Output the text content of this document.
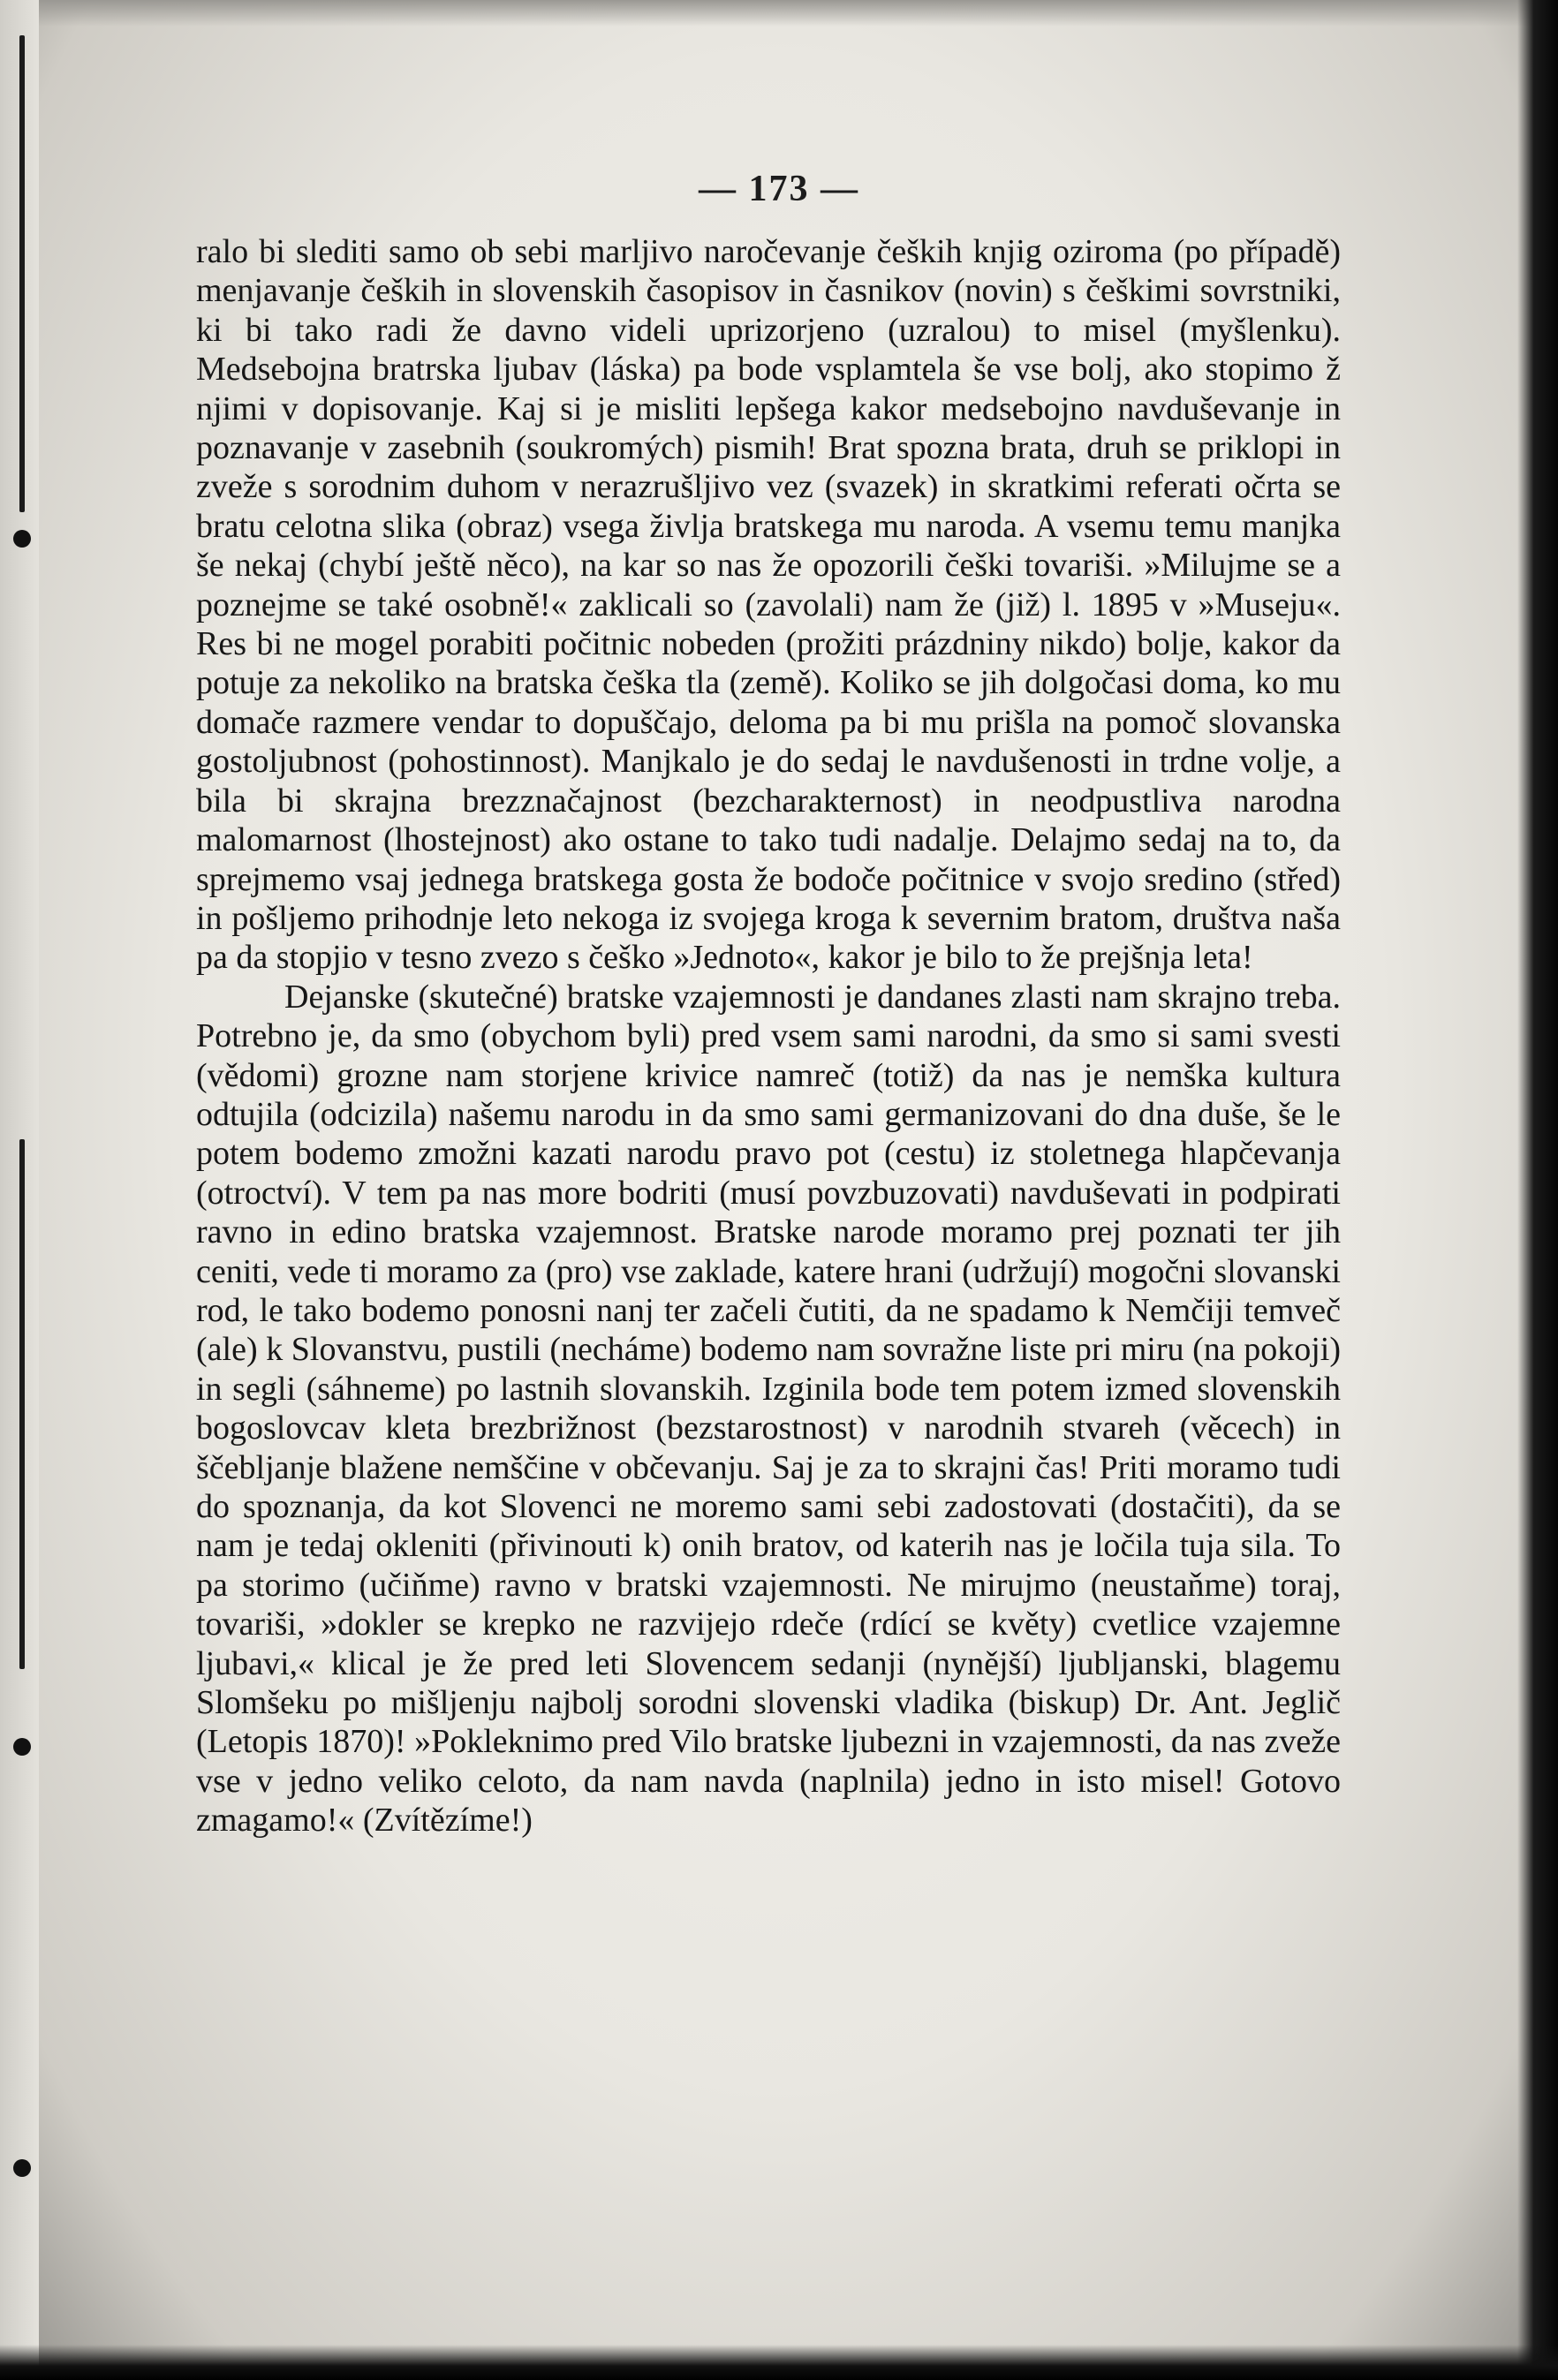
— 173 —

ralo bi slediti samo ob sebi marljivo naročevanje čeških knjig oziroma (po případě) menjavanje čeških in slovenskih časopisov in časnikov (novin) s češkimi sovrstniki, ki bi tako radi že davno videli uprizorjeno (uzralou) to misel (myšlenku). Medsebojna bratrska ljubav (láska) pa bode vsplamtela še vse bolj, ako stopimo ž njimi v dopisovanje. Kaj si je misliti lepšega kakor medsebojno navduševanje in poznavanje v zasebnih (soukromých) pismih! Brat spozna brata, druh se priklopi in zveže s sorodnim duhom v nerazrušljivo vez (svazek) in skratkimi referati očrta se bratu celotna slika (obraz) vsega življa bratskega mu naroda. A vsemu temu manjka še nekaj (chybí ještě něco), na kar so nas že opozorili češki tovariši. »Milujme se a poznejme se také osobně!« zaklicali so (zavolali) nam že (již) l. 1895 v »Museju«. Res bi ne mogel porabiti počitnic nobeden (prožiti prázdniny nikdo) bolje, kakor da potuje za nekoliko na bratska češka tla (země). Koliko se jih dolgočasi doma, ko mu domače razmere vendar to dopuščajo, deloma pa bi mu prišla na pomoč slovanska gostoljubnost (pohostinnost). Manjkalo je do sedaj le navdušenosti in trdne volje, a bila bi skrajna brezznačajnost (bezcharakternost) in neodpustliva narodna malomarnost (lhostejnost) ako ostane to tako tudi nadalje. Delajmo sedaj na to, da sprejmemo vsaj jednega bratskega gosta že bodoče počitnice v svojo sredino (střed) in pošljemo prihodnje leto nekoga iz svojega kroga k severnim bratom, društva naša pa da stopjio v tesno zvezo s češko »Jednoto«, kakor je bilo to že prejšnja leta!

Dejanske (skutečné) bratske vzajemnosti je dandanes zlasti nam skrajno treba. Potrebno je, da smo (obychom byli) pred vsem sami narodni, da smo si sami svesti (vědomi) grozne nam storjene krivice namreč (totiž) da nas je nemška kultura odtujila (odcizila) našemu narodu in da smo sami germanizovani do dna duše, še le potem bodemo zmožni kazati narodu pravo pot (cestu) iz stoletnega hlapčevanja (otroctví). V tem pa nas more bodriti (musí povzbuzovati) navduševati in podpirati ravno in edino bratska vzajemnost. Bratske narode moramo prej poznati ter jih ceniti, vede ti moramo za (pro) vse zaklade, katere hrani (udržují) mogočni slovanski rod, le tako bodemo ponosni nanj ter začeli čutiti, da ne spadamo k Nemčiji temveč (ale) k Slovanstvu, pustili (necháme) bodemo nam sovražne liste pri miru (na pokoji) in segli (sáhneme) po lastnih slovanskih. Izginila bode tem potem izmed slovenskih bogoslovcav kleta brezbrižnost (bezstarostnost) v narodnih stvareh (věcech) in ščebljanje blažene nemščine v občevanju. Saj je za to skrajni čas! Priti moramo tudi do spoznanja, da kot Slovenci ne moremo sami sebi zadostovati (dostačiti), da se nam je tedaj okleniti (přivinouti k) onih bratov, od katerih nas je ločila tuja sila. To pa storimo (učiňme) ravno v bratski vzajemnosti. Ne mirujmo (neustaňme) toraj, tovariši, »dokler se krepko ne razvijejo rdeče (rdící se květy) cvetlice vzajemne ljubavi,« klical je že pred leti Slovencem sedanji (nynější) ljubljanski, blagemu Slomšeku po mišljenju najbolj sorodni slovenski vladika (biskup) Dr. Ant. Jeglič (Letopis 1870)! »Pokleknimo pred Vilo bratske ljubezni in vzajemnosti, da nas zveže vse v jedno veliko celoto, da nam navda (naplnila) jedno in isto misel! Gotovo zmagamo!« (Zvítězíme!)
